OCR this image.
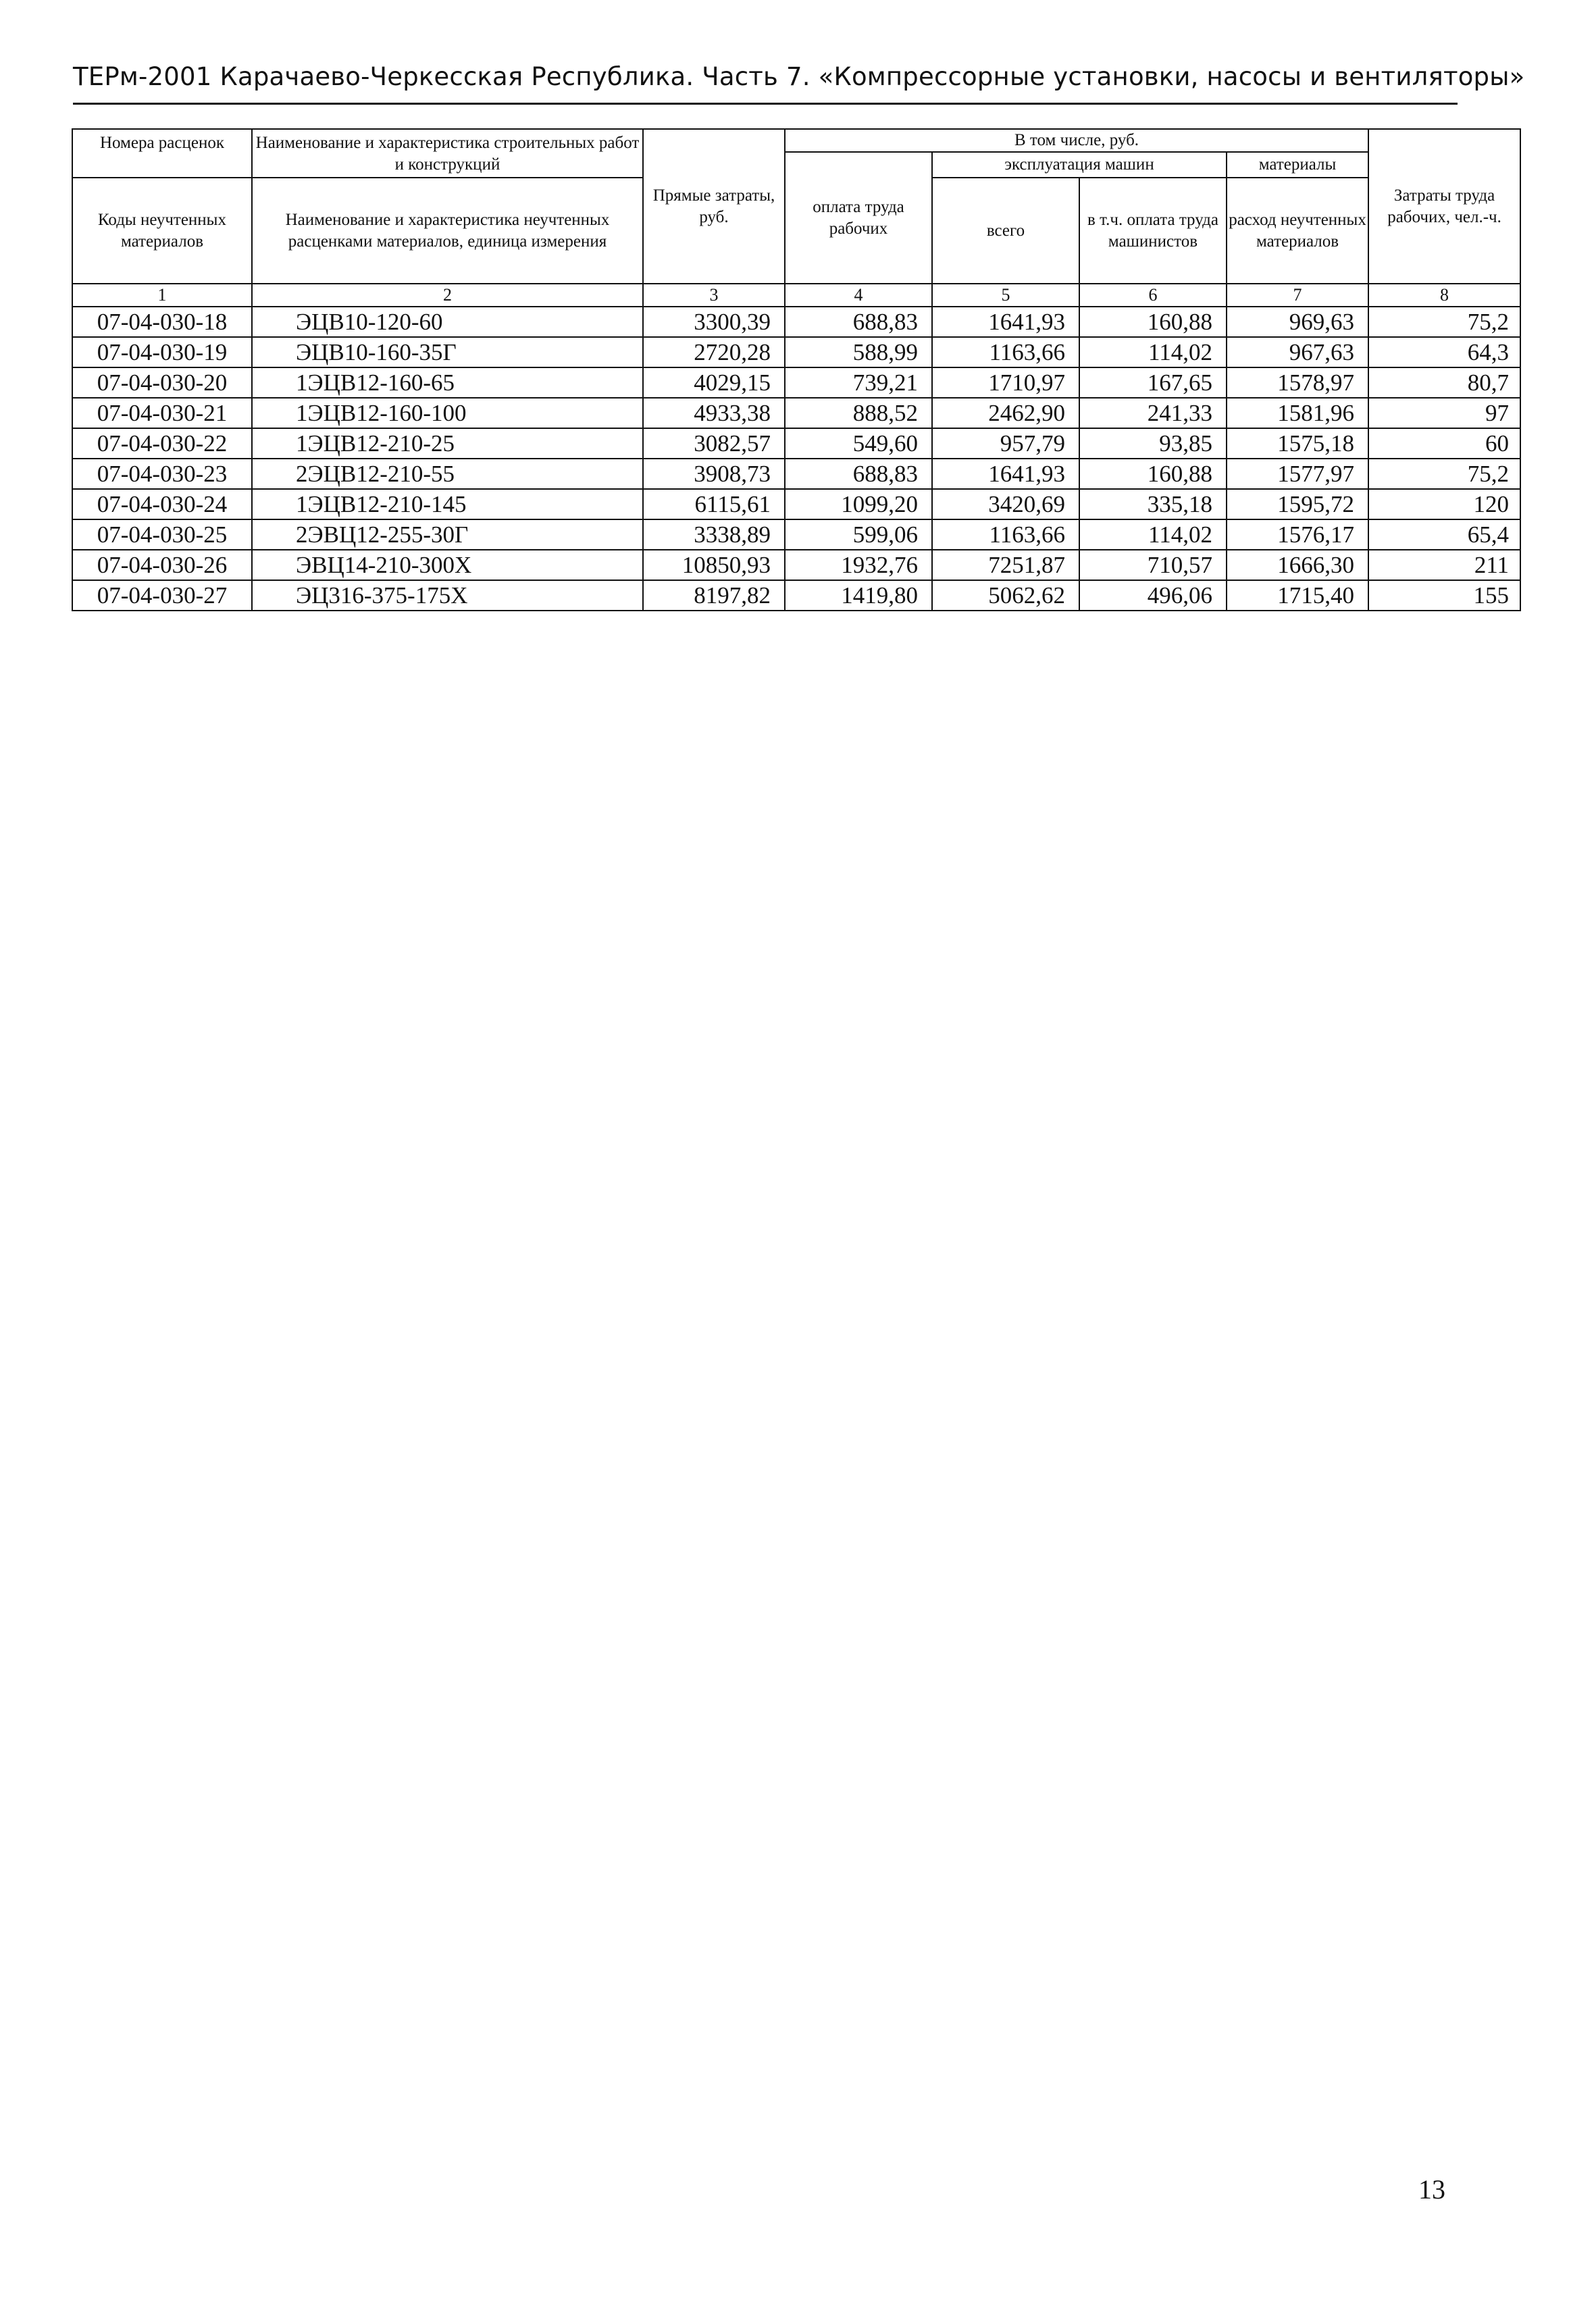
ТЕРм-2001 Карачаево-Черкесская Республика. Часть 7. «Компрессорные установки, насосы и вентиляторы»
Номера расценок	Наименование и характеристика строительных работ и конструкций	Прямые затраты, руб.	В том числе, руб.				Затраты труда рабочих, чел.-ч.
			оплата труда рабочих	эксплуатация машин		материалы	
Коды неучтенных материалов	Наименование и характеристика неучтенных расценками материалов, единица измерения			всего	в т.ч. оплата труда машинистов	расход неучтенных материалов	

1	2	3	4	5	6	7	8
07-04-030-18	ЭЦВ10-120-60	3300,39	688,83	1641,93	160,88	969,63	75,2
07-04-030-19	ЭЦВ10-160-35Г	2720,28	588,99	1163,66	114,02	967,63	64,3
07-04-030-20	1ЭЦВ12-160-65	4029,15	739,21	1710,97	167,65	1578,97	80,7
07-04-030-21	1ЭЦВ12-160-100	4933,38	888,52	2462,90	241,33	1581,96	97
07-04-030-22	1ЭЦВ12-210-25	3082,57	549,60	957,79	93,85	1575,18	60
07-04-030-23	2ЭЦВ12-210-55	3908,73	688,83	1641,93	160,88	1577,97	75,2
07-04-030-24	1ЭЦВ12-210-145	6115,61	1099,20	3420,69	335,18	1595,72	120
07-04-030-25	2ЭВЦ12-255-30Г	3338,89	599,06	1163,66	114,02	1576,17	65,4
07-04-030-26	ЭВЦ14-210-300Х	10850,93	1932,76	7251,87	710,57	1666,30	211
07-04-030-27	ЭЦ316-375-175Х	8197,82	1419,80	5062,62	496,06	1715,40	155
13
